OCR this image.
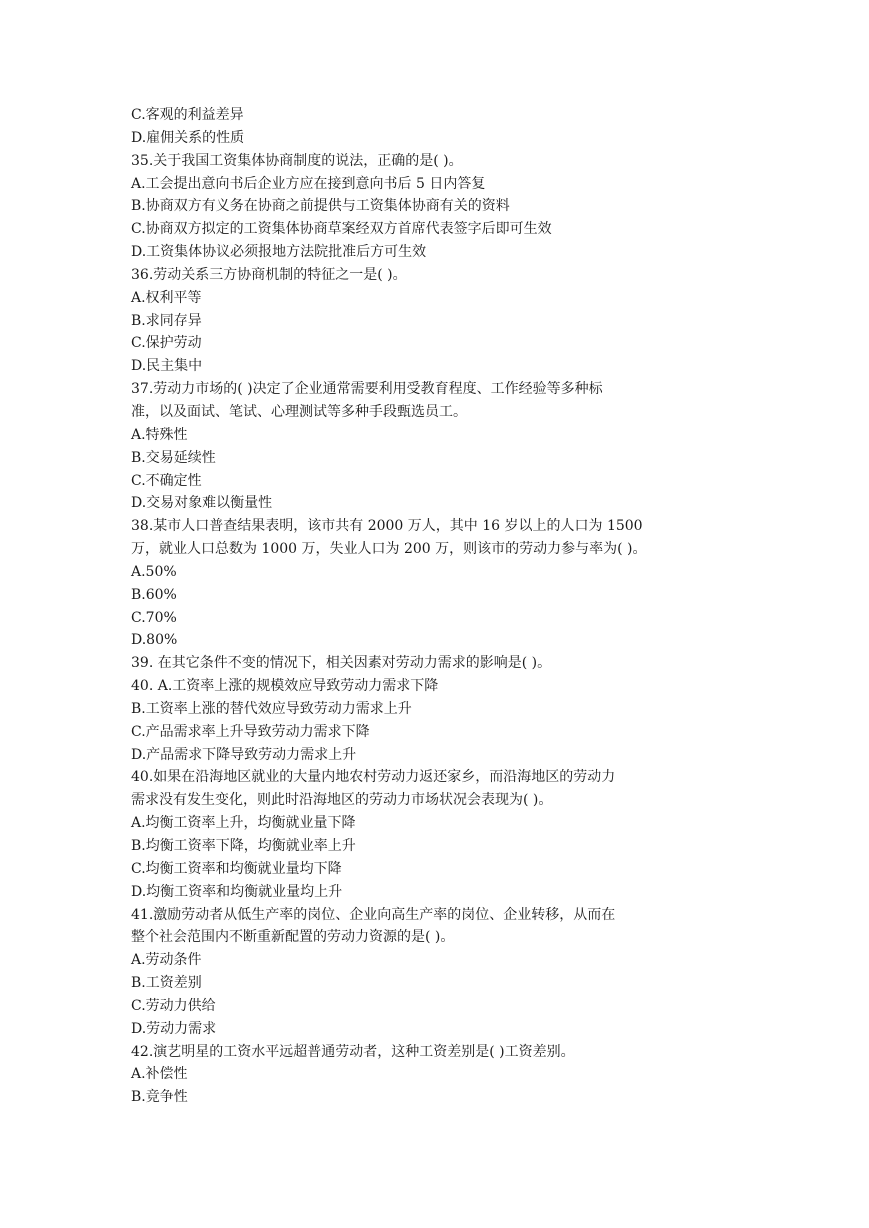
C.客观的利益差异
D.雇佣关系的性质
35.关于我国工资集体协商制度的说法，正确的是( )。
A.工会提出意向书后企业方应在接到意向书后 5 日内答复
B.协商双方有义务在协商之前提供与工资集体协商有关的资料
C.协商双方拟定的工资集体协商草案经双方首席代表签字后即可生效
D.工资集体协议必须报地方法院批准后方可生效
36.劳动关系三方协商机制的特征之一是( )。
A.权利平等
B.求同存异
C.保护劳动
D.民主集中
37.劳动力市场的( )决定了企业通常需要利用受教育程度、工作经验等多种标
准，以及面试、笔试、心理测试等多种手段甄选员工。
A.特殊性
B.交易延续性
C.不确定性
D.交易对象难以衡量性
38.某市人口普查结果表明，该市共有 2000 万人，其中 16 岁以上的人口为 1500
万，就业人口总数为 1000 万，失业人口为 200 万，则该市的劳动力参与率为( )。
A.50%
B.60%
C.70%
D.80%
39. 在其它条件不变的情况下，相关因素对劳动力需求的影响是( )。
40. A.工资率上涨的规模效应导致劳动力需求下降
B.工资率上涨的替代效应导致劳动力需求上升
C.产品需求率上升导致劳动力需求下降
D.产品需求下降导致劳动力需求上升
40.如果在沿海地区就业的大量内地农村劳动力返还家乡，而沿海地区的劳动力
需求没有发生变化，则此时沿海地区的劳动力市场状况会表现为( )。
A.均衡工资率上升，均衡就业量下降
B.均衡工资率下降，均衡就业率上升
C.均衡工资率和均衡就业量均下降
D.均衡工资率和均衡就业量均上升
41.激励劳动者从低生产率的岗位、企业向高生产率的岗位、企业转移，从而在
整个社会范围内不断重新配置的劳动力资源的是( )。
A.劳动条件
B.工资差别
C.劳动力供给
D.劳动力需求
42.演艺明星的工资水平远超普通劳动者，这种工资差别是( )工资差别。
A.补偿性
B.竞争性
